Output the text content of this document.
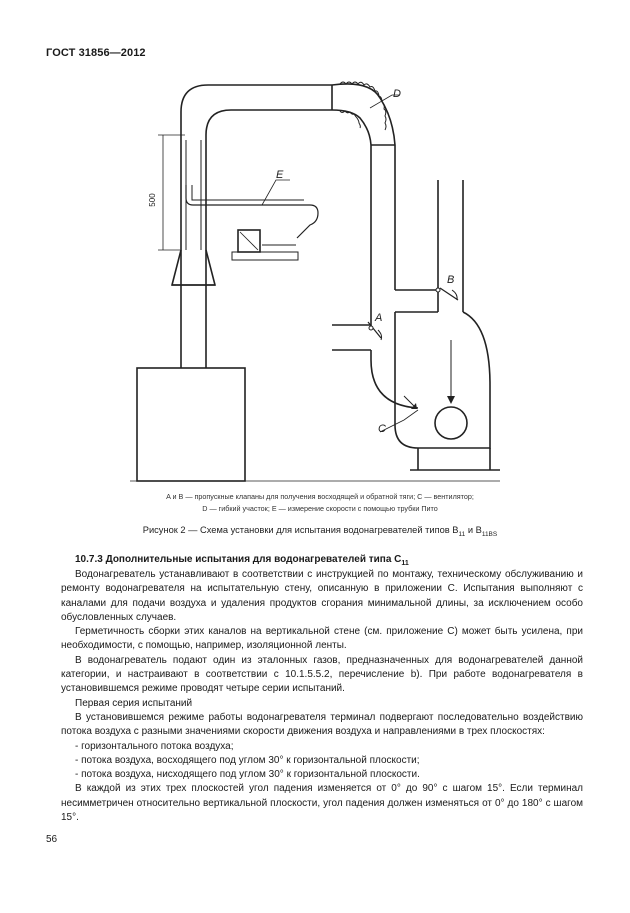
ГОСТ 31856—2012
D
E
B
A
C
500
A и B — пропускные клапаны для получения восходящей и обратной тяги; C — вентилятор;
D — гибкий участок; E — измерение скорости с помощью трубки Пито
Рисунок 2 — Схема установки для испытания водонагревателей типов $B_{11}$ и $B_{11BS}$
10.7.3 Дополнительные испытания для водонагревателей типа $C_{11}$

Водонагреватель устанавливают в соответствии с инструкцией по монтажу, техническому обслуживанию и ремонту водонагревателя на испытательную стену, описанную в приложении С. Испытания выполняют с каналами для подачи воздуха и удаления продуктов сгорания минимальной длины, за исключением особо обусловленных случаев.

Герметичность сборки этих каналов на вертикальной стене (см. приложение С) может быть усилена, при необходимости, с помощью, например, изоляционной ленты.

В водонагреватель подают один из эталонных газов, предназначенных для водонагревателей данной категории, и настраивают в соответствии с 10.1.5.5.2, перечисление b). При работе водонагревателя в установившемся режиме проводят четыре серии испытаний.

Первая серия испытаний

В установившемся режиме работы водонагревателя терминал подвергают последовательно воздействию потока воздуха с разными значениями скорости движения воздуха и направлениями в трех плоскостях:

- горизонтального потока воздуха;

- потока воздуха, восходящего под углом 30° к горизонтальной плоскости;

- потока воздуха, нисходящего под углом 30° к горизонтальной плоскости.

В каждой из этих трех плоскостей угол падения изменяется от 0° до 90° с шагом 15°. Если терминал несимметричен относительно вертикальной плоскости, угол падения должен изменяться от 0° до 180° с шагом 15°.

56
